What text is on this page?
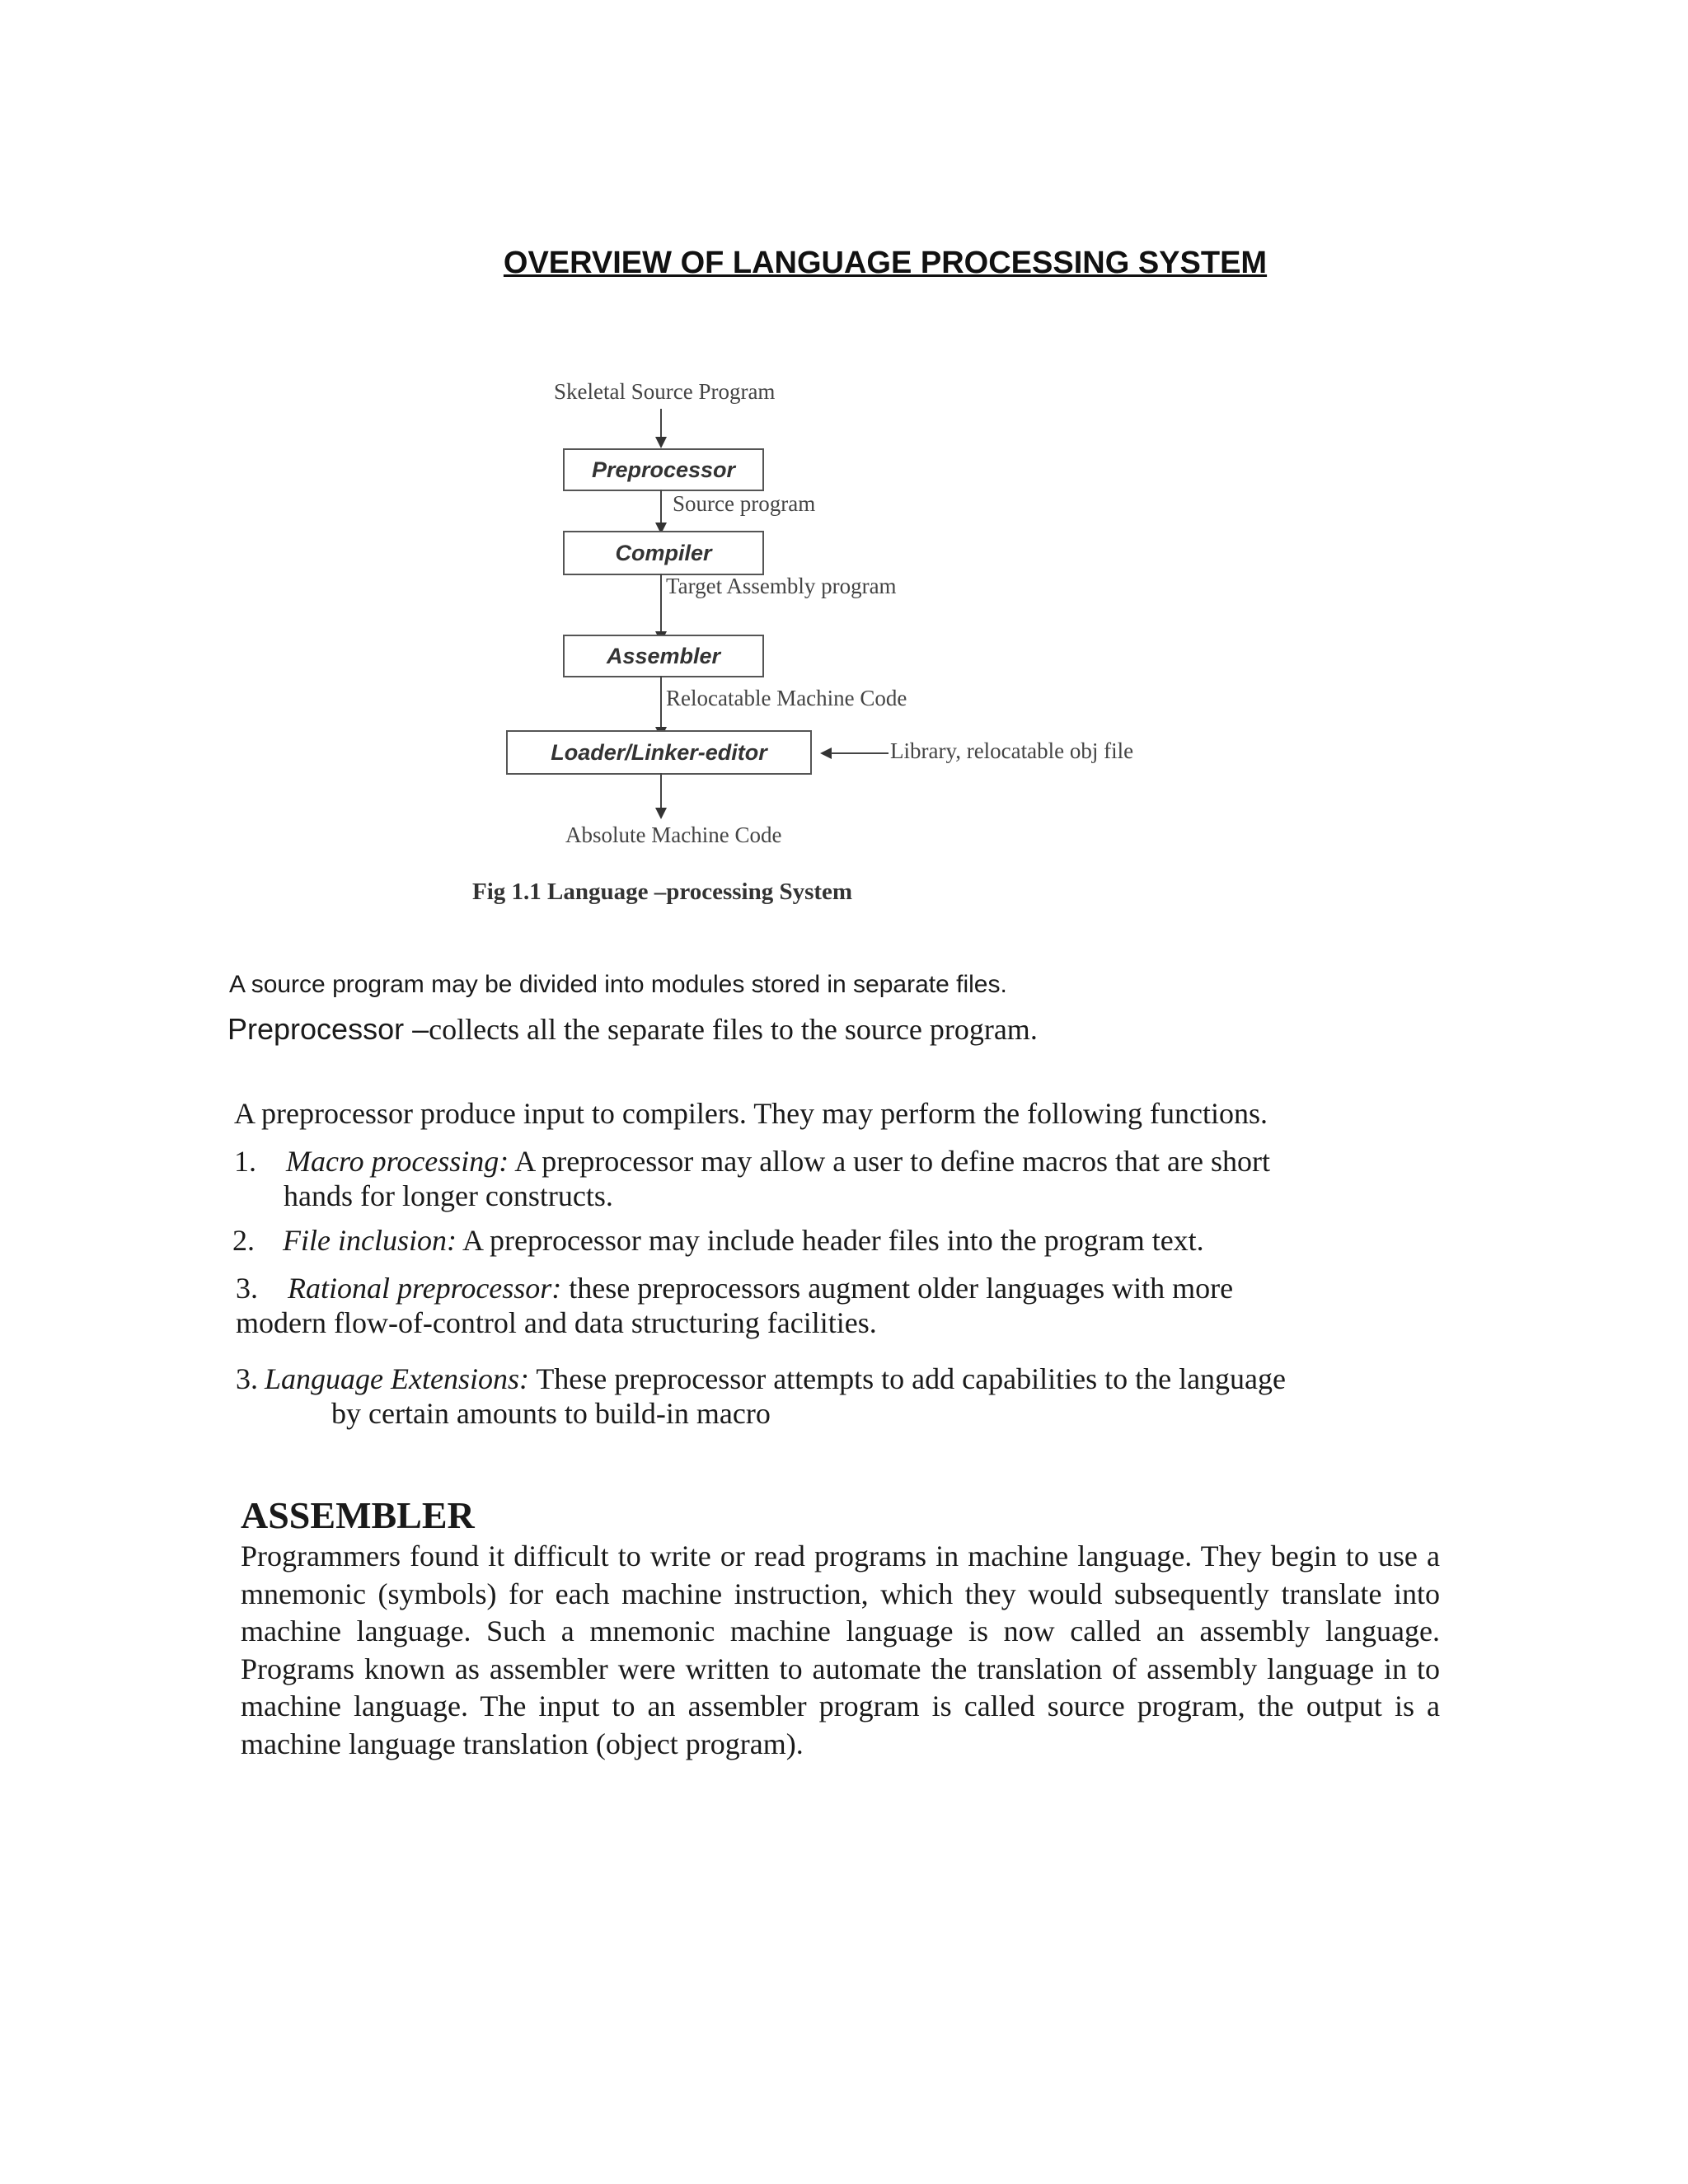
OVERVIEW OF LANGUAGE PROCESSING SYSTEM
Skeletal Source Program
Preprocessor
Source program
Compiler
Target Assembly program
Assembler
Relocatable Machine Code
Loader/Linker-editor	Library, relocatable obj file
Absolute Machine Code
Fig 1.1 Language –processing System

A source program may be divided into modules stored in separate files.

Preprocessor –collects all the separate files to the source program.

A preprocessor produce input to compilers. They may perform the following functions.

1. Macro processing: A preprocessor may allow a user to define macros that are short
hands for longer constructs.
2. File inclusion: A preprocessor may include header files into the program text.
3. Rational preprocessor: these preprocessors augment older languages with more
modern flow-of-control and data structuring facilities.
3. Language Extensions: These preprocessor attempts to add capabilities to the language
by certain amounts to build-in macro
ASSEMBLER

Programmers found it difficult to write or read programs in machine language. They begin to use a mnemonic (symbols) for each machine instruction, which they would subsequently translate into machine language. Such a mnemonic machine language is now called an assembly language. Programs known as assembler were written to automate the translation of assembly language in to machine language. The input to an assembler program is called source program, the output is a machine language translation (object program).
